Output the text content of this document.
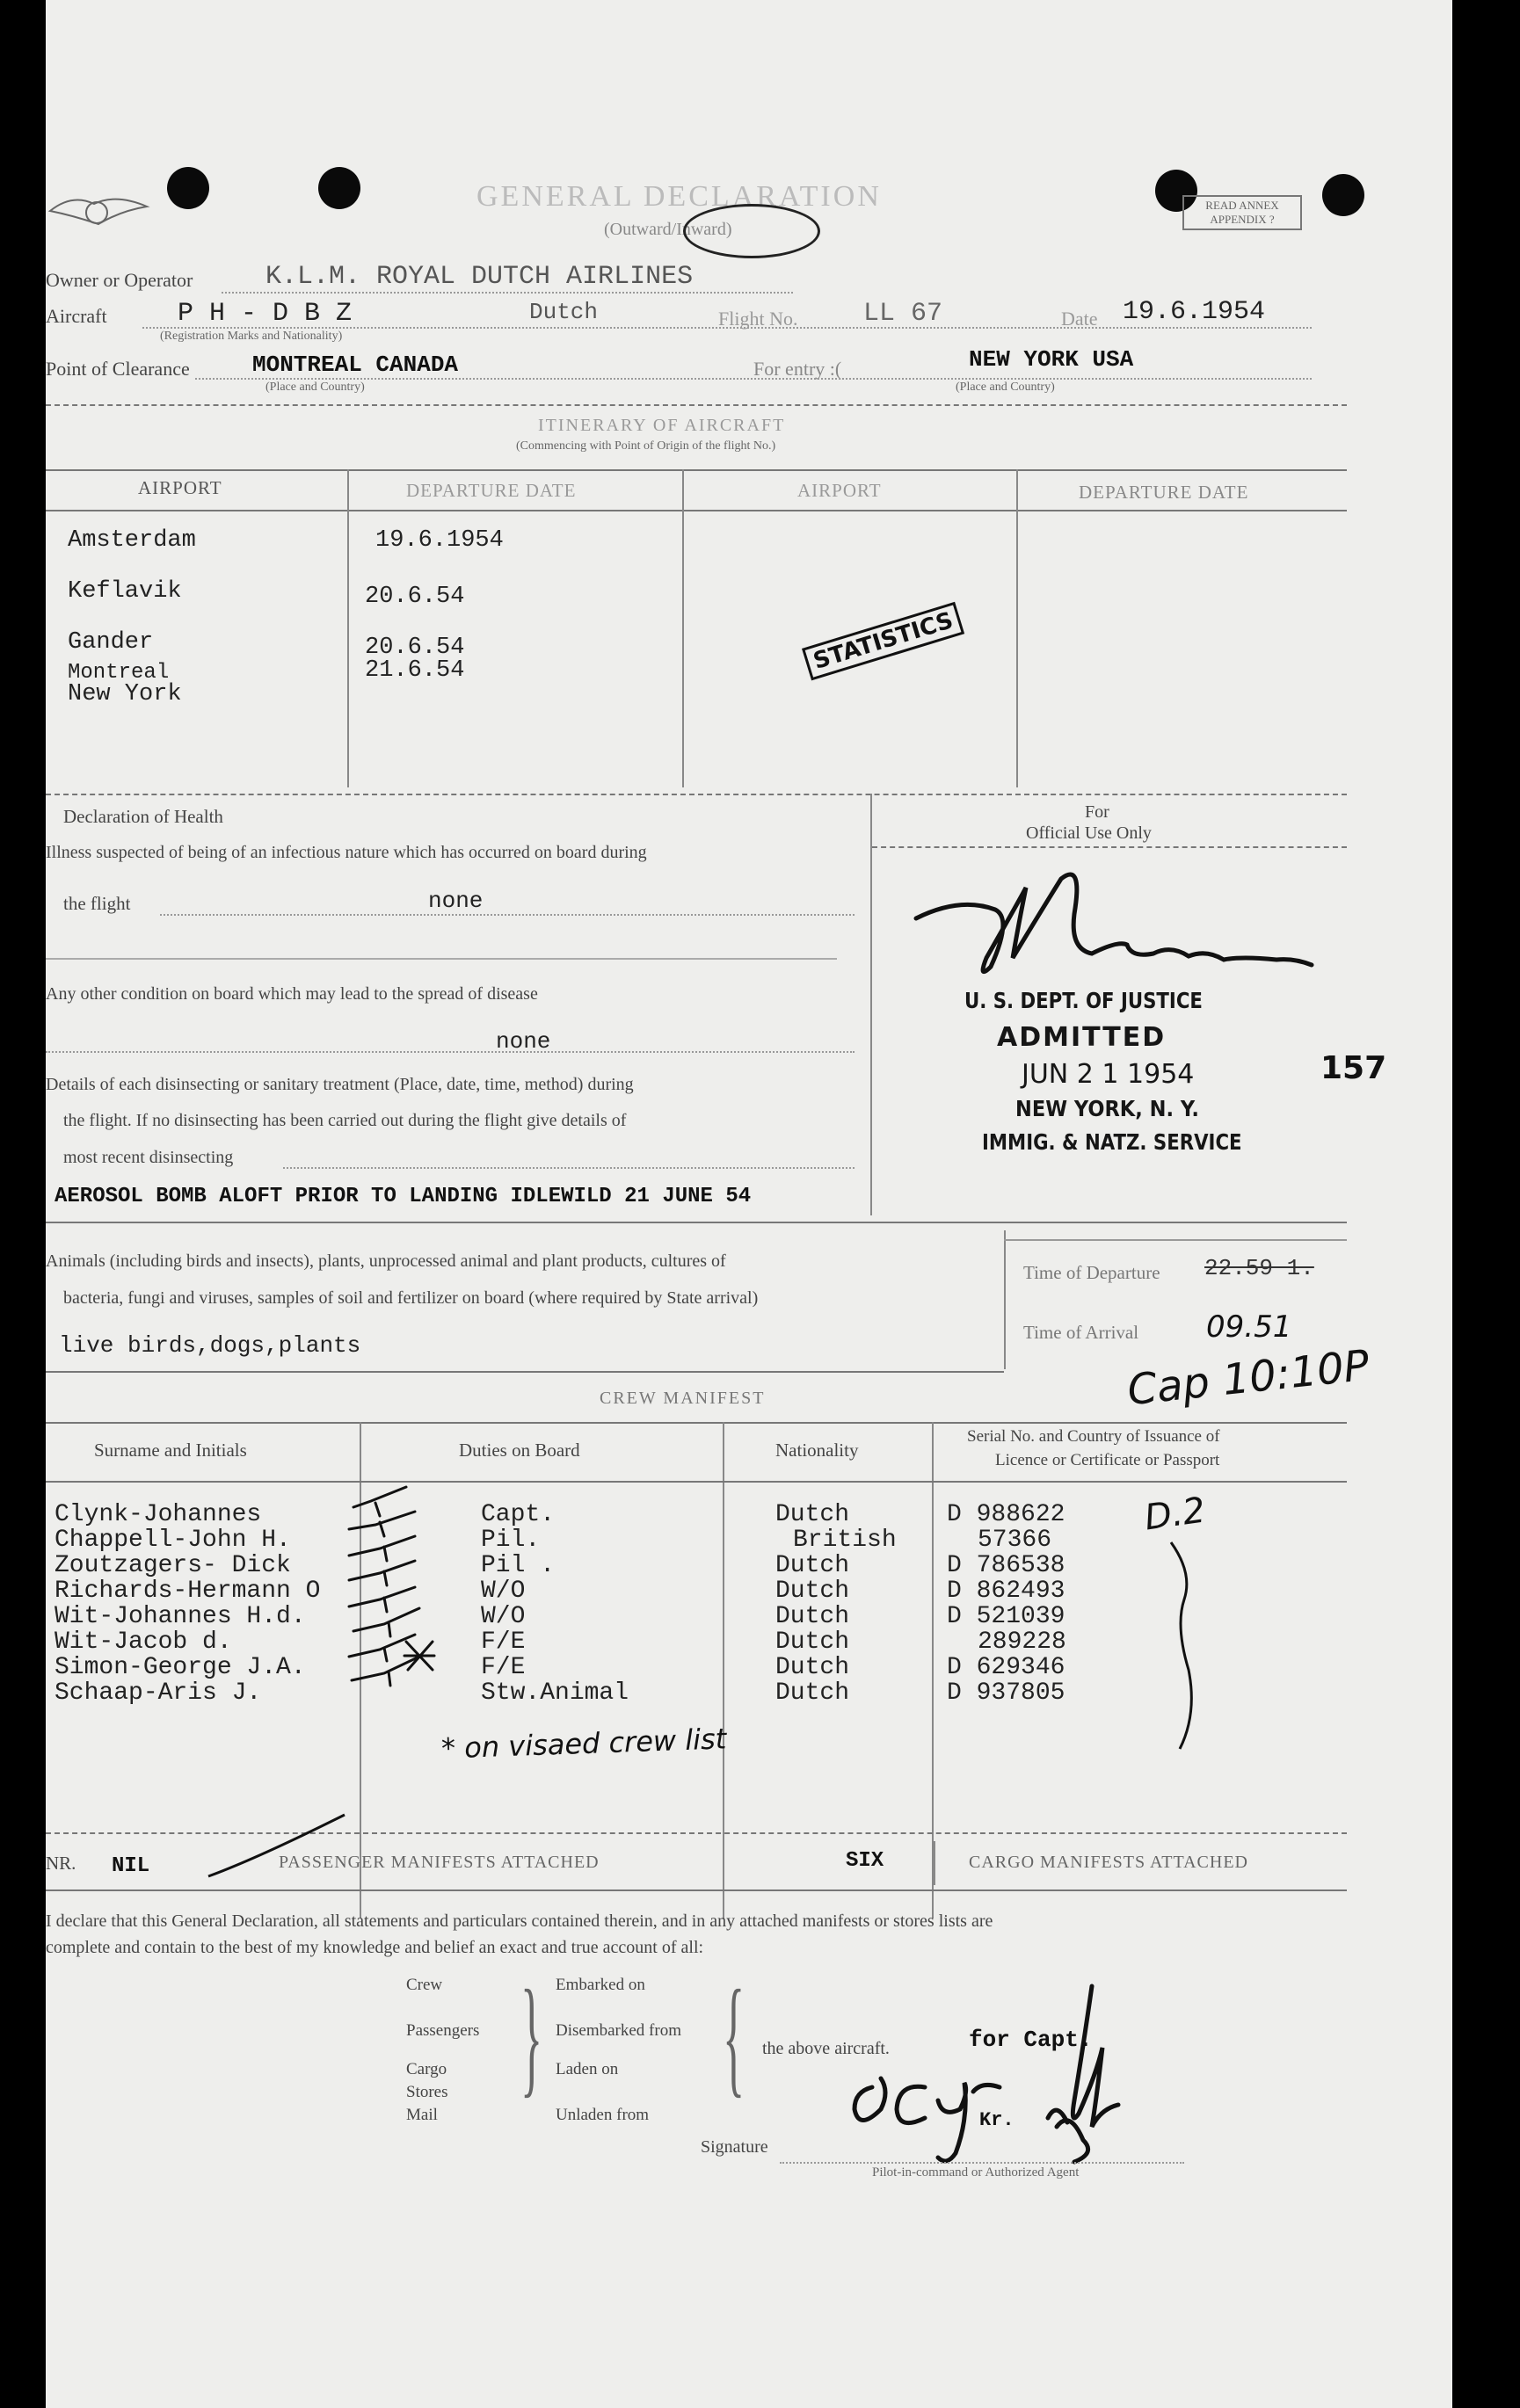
GENERAL DECLARATION
(Outward/Inward)
READ ANNEX APPENDIX ?
Owner or Operator	K.L.M. ROYAL DUTCH AIRLINES
Aircraft	P H - D B Z
(Registration Marks and Nationality)
Dutch	Flight No. LL 67	Date 19.6.1954
Point of Clearance	MONTREAL CANADA
(Place and Country)
For entry :(	NEW YORK USA
(Place and Country)
ITINERARY OF AIRCRAFT
(Commencing with Point of Origin of the flight No.)
AIRPORT	DEPARTURE DATE	AIRPORT	DEPARTURE DATE
Amsterdam	19.6.1954
Keflavik	20.6.54
Gander	20.6.54
Montreal	21.6.54
New York
STATISTICS
Declaration of Health
Illness suspected of being of an infectious nature which has occurred on board during
the flight	none
Any other condition on board which may lead to the spread of disease
none
Details of each disinsecting or sanitary treatment (Place, date, time, method) during
the flight. If no disinsecting has been carried out during the flight give details of
most recent disinsecting
AEROSOL BOMB ALOFT PRIOR TO LANDING IDLEWILD 21 JUNE 54
For
Official Use Only
U. S. DEPT. OF JUSTICE
ADMITTED
JUN 2 1 1954
NEW YORK, N. Y.
IMMIG. & NATZ. SERVICE
157
Animals (including birds and insects), plants, unprocessed animal and plant products, cultures of
bacteria, fungi and viruses, samples of soil and fertilizer on board (where required by State arrival)
live birds,dogs,plants
Time of Departure 22.59 1.
Time of Arrival 09.51
Cap 10:10P
CREW MANIFEST
Surname and Initials	Duties on Board	Nationality
Serial No. and Country of Issuance of
Licence or Certificate or Passport
Clynk-Johannes	Capt.	Dutch	D 988622
Chappell-John H.	Pil.	British	57366
Zoutzagers- Dick	Pil .	Dutch	D 786538
Richards-Hermann O	W/O	Dutch	D 862493
Wit-Johannes H.d.	W/O	Dutch	D 521039
Wit-Jacob d.	F/E	Dutch	289228
Simon-George J.A.	F/E	Dutch	D 629346
Schaap-Aris J.	Stw.Animal	Dutch	D 937805
D.2
* on visaed crew list
NR. NIL	PASSENGER MANIFESTS ATTACHED	SIX	CARGO MANIFESTS ATTACHED
I declare that this General Declaration, all statements and particulars contained therein, and in any attached manifests or stores lists are
complete and contain to the best of my knowledge and belief an exact and true account of all:
Crew
Passengers
Cargo
Stores
Mail
} Embarked on
Disembarked from
Laden on
Unladen from
{ the above aircraft.	for Capt.
Kr.
Signature
Pilot-in-command or Authorized Agent
